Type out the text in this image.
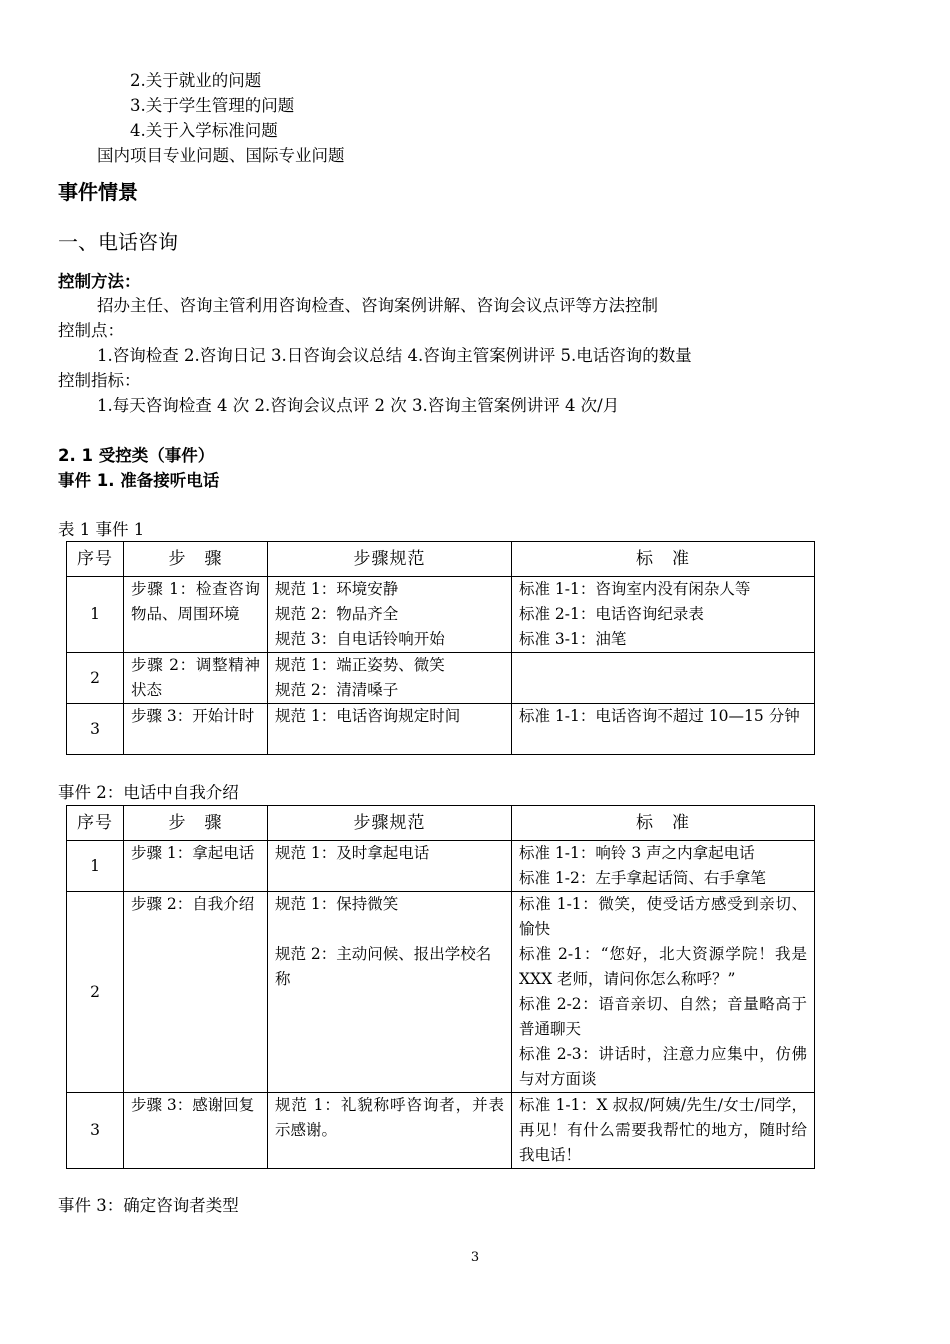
2.关于就业的问题
3.关于学生管理的问题
4.关于入学标准问题
国内项目专业问题、国际专业问题
事件情景
一、电话咨询
控制方法：
招办主任、咨询主管利用咨询检查、咨询案例讲解、咨询会议点评等方法控制
控制点：
1.咨询检查 2.咨询日记 3.日咨询会议总结 4.咨询主管案例讲评 5.电话咨询的数量
控制指标：
1.每天咨询检查 4 次 2.咨询会议点评 2 次 3.咨询主管案例讲评 4 次/月
2. 1 受控类（事件）
事件 1. 准备接听电话
表 1 事件 1
序号	步　骤	步骤规范	标　准
1	步骤 1：检查咨询物品、周围环境	规范 1：环境安静
规范 2：物品齐全
规范 3：自电话铃响开始	标准 1-1：咨询室内没有闲杂人等
标准 2-1：电话咨询纪录表
标准 3-1：油笔

2	步骤 2：调整精神状态	规范 1：端正姿势、微笑
规范 2：清清嗓子	

3	步骤 3：开始计时	规范 1：电话咨询规定时间	标准 1-1：电话咨询不超过 10—15 分钟
事件 2：电话中自我介绍
序号	步　骤	步骤规范	标　准
1	步骤 1：拿起电话	规范 1：及时拿起电话	标准 1-1：响铃 3 声之内拿起电话
标准 1-2：左手拿起话筒、右手拿笔

2	步骤 2：自我介绍	规范 1：保持微笑
规范 2：主动问候、报出学校名称	标准 1-1：微笑，使受话方感受到亲切、愉快
标准 2-1：“您好，北大资源学院！我是 XXX 老师，请问你怎么称呼？”
标准 2-2：语音亲切、自然；音量略高于普通聊天
标准 2-3：讲话时，注意力应集中，仿佛与对方面谈

3	步骤 3：感谢回复	规范 1：礼貌称呼咨询者，并表示感谢。	标准 1-1：X 叔叔/阿姨/先生/女士/同学，再见！有什么需要我帮忙的地方，随时给我电话！
事件 3：确定咨询者类型
3
